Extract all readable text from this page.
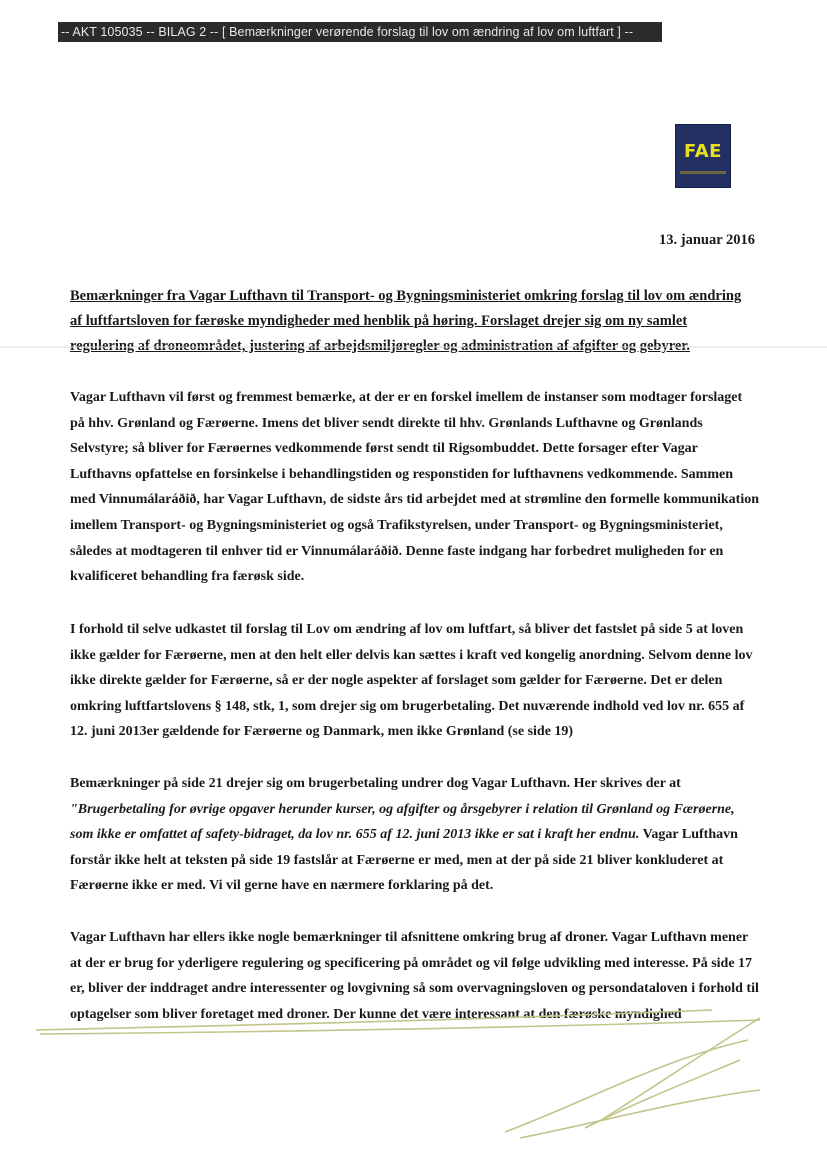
-- AKT 105035 -- BILAG 2 -- [ Bemærkninger verørende forslag til lov om ændring af lov om luftfart ] --
FAE
13. januar 2016

Bemærkninger fra Vagar Lufthavn til Transport- og Bygningsministeriet omkring forslag til lov om ændring af luftfartsloven for færøske myndigheder med henblik på høring. Forslaget drejer sig om ny samlet regulering af droneområdet, justering af arbejdsmiljøregler og administration af afgifter og gebyrer.

Vagar Lufthavn vil først og fremmest bemærke, at der er en forskel imellem de instanser som modtager forslaget på hhv. Grønland og Færøerne. Imens det bliver sendt direkte til hhv. Grønlands Lufthavne og Grønlands Selvstyre; så bliver for Færøernes vedkommende først sendt til Rigsombuddet. Dette forsager efter Vagar Lufthavns opfattelse en forsinkelse i behandlingstiden og responstiden for lufthavnens vedkommende. Sammen med Vinnumálaráðið, har Vagar Lufthavn, de sidste års tid arbejdet med at strømline den formelle kommunikation imellem Transport- og Bygningsministeriet og også Trafikstyrelsen, under Transport- og Bygningsministeriet, således at modtageren til enhver tid er Vinnumálaráðið. Denne faste indgang har forbedret muligheden for en kvalificeret behandling fra færøsk side.

I forhold til selve udkastet til forslag til Lov om ændring af lov om luftfart, så bliver det fastslet på side 5 at loven ikke gælder for Færøerne, men at den helt eller delvis kan sættes i kraft ved kongelig anordning. Selvom denne lov ikke direkte gælder for Færøerne, så er der nogle aspekter af forslaget som gælder for Færøerne. Det er delen omkring luftfartslovens § 148, stk, 1, som drejer sig om brugerbetaling. Det nuværende indhold ved lov nr. 655 af 12. juni 2013er gældende for Færøerne og Danmark, men ikke Grønland (se side 19)

Bemærkninger på side 21 drejer sig om brugerbetaling undrer dog Vagar Lufthavn. Her skrives der at "Brugerbetaling for øvrige opgaver herunder kurser, og afgifter og årsgebyrer i relation til Grønland og Færøerne, som ikke er omfattet af safety-bidraget, da lov nr. 655 af 12. juni 2013 ikke er sat i kraft her endnu. Vagar Lufthavn forstår ikke helt at teksten på side 19 fastslår at Færøerne er med, men at der på side 21 bliver konkluderet at Færøerne ikke er med. Vi vil gerne have en nærmere forklaring på det.

Vagar Lufthavn har ellers ikke nogle bemærkninger til afsnittene omkring brug af droner. Vagar Lufthavn mener at der er brug for yderligere regulering og specificering på området og vil følge udvikling med interesse. På side 17 er, bliver der inddraget andre interessenter og lovgivning så som overvagningsloven og persondataloven i forhold til optagelser som bliver foretaget med droner. Der kunne det være interessant at den færøske myndighed
